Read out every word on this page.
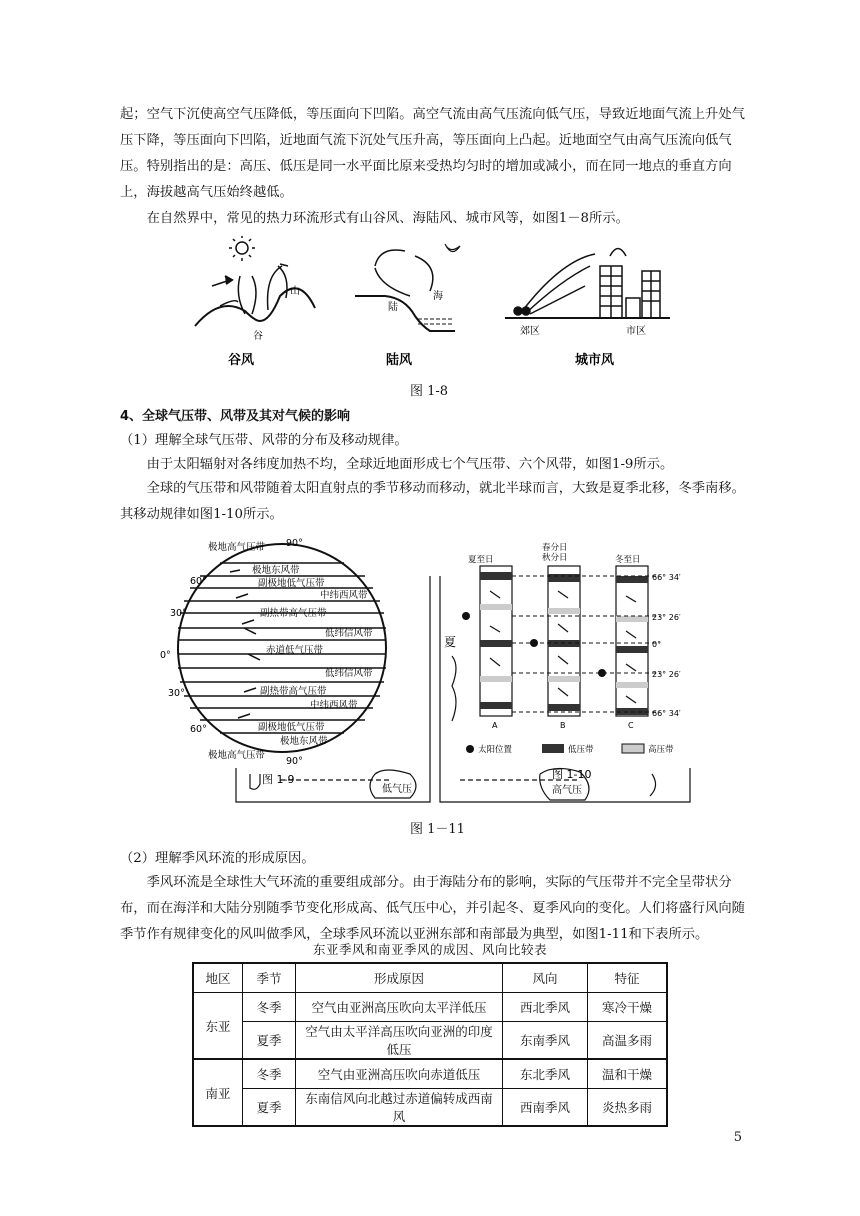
起；空气下沉使高空气压降低，等压面向下凹陷。高空气流由高气压流向低气压，导致近地面气流上升处气压下降，等压面向下凹陷，近地面气流下沉处气压升高，等压面向上凸起。近地面空气由高气压流向低气压。特别指出的是：高压、低压是同一水平面比原来受热均匀时的增加或减小，而在同一地点的垂直方向上，海拔越高气压始终越低。

在自然界中，常见的热力环流形式有山谷风、海陆风、城市风等，如图1－8所示。

山
谷
谷风
海
陆
陆风
郊区	市区
城市风
图 1-8

4、全球气压带、风带及其对气候的影响

（1）理解全球气压带、风带的分布及移动规律。

由于太阳辐射对各纬度加热不均，全球近地面形成七个气压带、六个风带，如图1-9所示。

全球的气压带和风带随着太阳直射点的季节移动而移动，就北半球而言，大致是夏季北移，冬季南移。其移动规律如图1-10所示。

极地高气压带 90°
极地东风带
60°	副极地低气压带
中纬西风带
30°	副热带高气压带
低纬信风带
0°	赤道低气压带
低纬信风带
30°	副热带高气压带
中纬西风带
60°	副极地低气压带
极地东风带
极地高气压带
90°
图 1-9
低气压
夏
夏至日
春分日
秋分日	冬至日
66° 34′
23° 26′
0°
23° 26′
66° 34′
A	B	C
太阳位置	低压带	高压带
图 1-10
高气压
图 1－11

（2）理解季风环流的形成原因。

季风环流是全球性大气环流的重要组成部分。由于海陆分布的影响，实际的气压带并不完全呈带状分布，而在海洋和大陆分别随季节变化形成高、低气压中心，并引起冬、夏季风向的变化。人们将盛行风向随季节作有规律变化的风叫做季风，全球季风环流以亚洲东部和南部最为典型，如图1-11和下表所示。

东亚季风和南亚季风的成因、风向比较表
地区	季节	形成原因	风向	特征
东亚	冬季	空气由亚洲高压吹向太平洋低压	西北季风	寒冷干燥
	夏季	空气由太平洋高压吹向亚洲的印度低压	东南季风	高温多雨
南亚	冬季	空气由亚洲高压吹向赤道低压	东北季风	温和干燥
	夏季	东南信风向北越过赤道偏转成西南风	西南季风	炎热多雨
5
